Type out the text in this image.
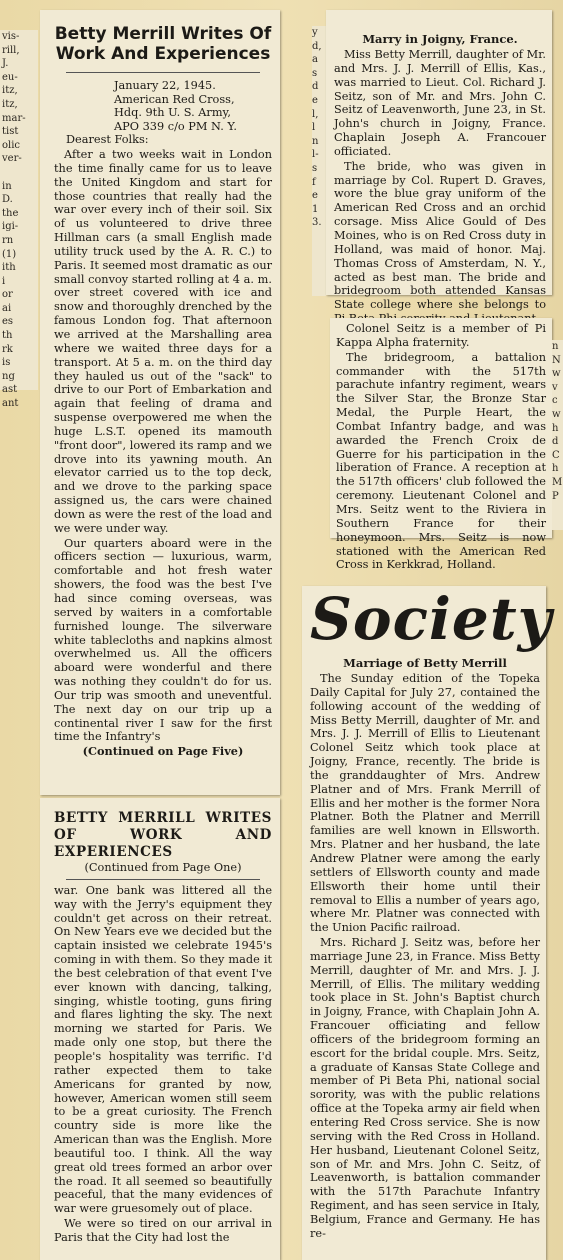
vis-
rill,
J.
eu-
itz,
itz,
mar-
tist
olic
ver-

in
D.
the
igi-
rn
(1)
ith
i
or
ai
es
th
rk
is
ng
ast
ant
Betty Merrill Writes Of Work And Experiences
January 22, 1945.
American Red Cross,
Hdq. 9th U. S. Army,
APO 339 c/o PM N. Y.
Dearest Folks:

After a two weeks wait in London the time finally came for us to leave the United Kingdom and start for those countries that really had the war over every inch of their soil. Six of us volunteered to drive three Hillman cars (a small English made utility truck used by the A. R. C.) to Paris. It seemed most dramatic as our small convoy started rolling at 4 a. m. over street covered with ice and snow and thoroughly drenched by the famous London fog. That afternoon we arrived at the Marshalling area where we waited three days for a transport. At 5 a. m. on the third day they hauled us out of the "sack" to drive to our Port of Embarkation and again that feeling of drama and suspense overpowered me when the huge L.S.T. opened its mamouth "front door", lowered its ramp and we drove into its yawning mouth. An elevator carried us to the top deck, and we drove to the parking space assigned us, the cars were chained down as were the rest of the load and we were under way.

Our quarters aboard were in the officers section — luxurious, warm, comfortable and hot fresh water showers, the food was the best I've had since coming overseas, was served by waiters in a comfortable furnished lounge. The silverware white tablecloths and napkins almost overwhelmed us. All the officers aboard were wonderful and there was nothing they couldn't do for us. Our trip was smooth and uneventful. The next day on our trip up a continental river I saw for the first time the Infantry's

(Continued on Page Five)
BETTY MERRILL WRITES OF WORK AND EXPERIENCES
(Continued from Page One)

war. One bank was littered all the way with the Jerry's equipment they couldn't get across on their retreat. On New Years eve we decided but the captain insisted we celebrate 1945's coming in with them. So they made it the best celebration of that event I've ever known with dancing, talking, singing, whistle tooting, guns firing and flares lighting the sky. The next morning we started for Paris. We made only one stop, but there the people's hospitality was terrific. I'd rather expected them to take Americans for granted by now, however, American women still seem to be a great curiosity. The French country side is more like the American than was the English. More beautiful too. I think. All the way great old trees formed an arbor over the road. It all seemed so beautifully peaceful, that the many evidences of war were gruesomely out of place.

We were so tired on our arrival in Paris that the City had lost the

y
d,
a
s
d
e
l,
l
n
l-
s
f
e
1
3.
Marry in Joigny, France.

Miss Betty Merrill, daughter of Mr. and Mrs. J. J. Merrill of Ellis, Kas., was married to Lieut. Col. Richard J. Seitz, son of Mr. and Mrs. John C. Seitz of Leavenworth, June 23, in St. John's church in Joigny, France. Chaplain Joseph A. Francouer officiated.

The bride, who was given in marriage by Col. Rupert D. Graves, wore the blue gray uniform of the American Red Cross and an orchid corsage. Miss Alice Gould of Des Moines, who is on Red Cross duty in Holland, was maid of honor. Maj. Thomas Cross of Amsterdam, N. Y., acted as best man. The bride and bridegroom both attended Kansas State college where she belongs to

Colonel Seitz is a member of Pi Kappa Alpha fraternity.

The bridegroom, a battalion commander with the 517th parachute infantry regiment, wears the Silver Star, the Bronze Star Medal, the Purple Heart, the Combat Infantry badge, and was awarded the French Croix de Guerre for his participation in the liberation of France. A reception at the 517th officers' club followed the ceremony. Lieutenant Colonel and Mrs. Seitz went to the Riviera in Southern France for their honeymoon. Mrs. Seitz is now stationed with the American Red Cross in Kerkkrad, Holland.

n
N
w
v
c
w
h
d
C
h
M
P
Society
Marriage of Betty Merrill

The Sunday edition of the Topeka Daily Capital for July 27, contained the following account of the wedding of Miss Betty Merrill, daughter of Mr. and Mrs. J. J. Merrill of Ellis to Lieutenant Colonel Seitz which took place at Joigny, France, recently. The bride is the granddaughter of Mrs. Andrew Platner and of Mrs. Frank Merrill of Ellis and her mother is the former Nora Platner. Both the Platner and Merrill families are well known in Ellsworth. Mrs. Platner and her husband, the late Andrew Platner were among the early settlers of Ellsworth county and made Ellsworth their home until their removal to Ellis a number of years ago, where Mr. Platner was connected with the Union Pacific railroad.

Mrs. Richard J. Seitz was, before her marriage June 23, in France. Miss Betty Merrill, daughter of Mr. and Mrs. J. J. Merrill, of Ellis. The military wedding took place in St. John's Baptist church in Joigny, France, with Chaplain John A. Francouer officiating and fellow officers of the bridegroom forming an escort for the bridal couple. Mrs. Seitz, a graduate of Kansas State College and member of Pi Beta Phi, national social sorority, was with the public relations office at the Topeka army air field when entering Red Cross service. She is now serving with the Red Cross in Holland. Her husband, Lieutenant Colonel Seitz, son of Mr. and Mrs. John C. Seitz, of Leavenworth, is battalion commander with the 517th Parachute Infantry Regiment, and has seen service in Italy, Belgium, France and Germany. He has re-
